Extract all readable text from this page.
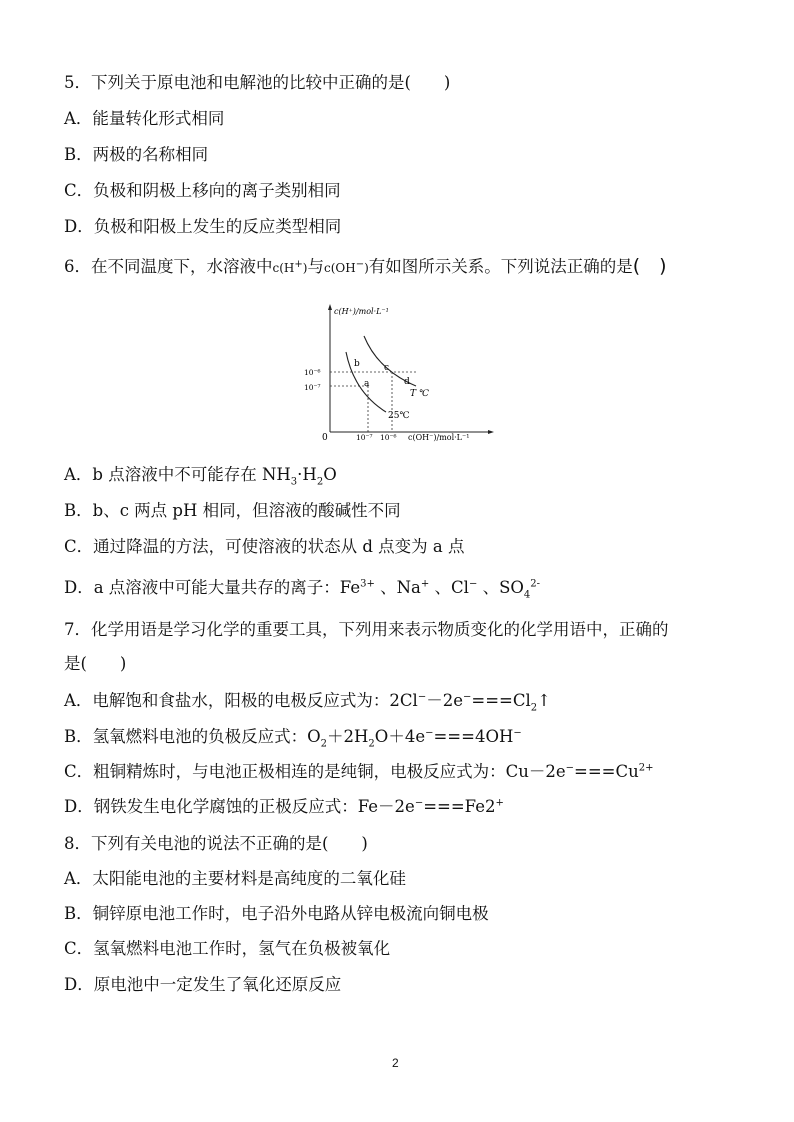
5．下列关于原电池和电解池的比较中正确的是(　　)
A．能量转化形式相同
B．两极的名称相同
C．负极和阴极上移向的离子类别相同
D．负极和阳极上发生的反应类型相同
6．在不同温度下，水溶液中c(H+)与c(OH−)有如图所示关系。下列说法正确的是(　)
c(H⁺)/mol·L⁻¹
c(OH⁻)/mol·L⁻¹
0
10⁻⁶
10⁻⁷
10⁻⁷ 10⁻⁶
b
a
c
d
T ℃
25℃
A．b 点溶液中不可能存在 $NH_3\cdot H_2O$
B．b、c 两点 pH 相同，但溶液的酸碱性不同
C．通过降温的方法，可使溶液的状态从 d 点变为 a 点
D．a 点溶液中可能大量共存的离子：$Fe^{3+}$ 、Na+ 、Cl− 、$SO_4^{2-}$
7．化学用语是学习化学的重要工具，下列用来表示物质变化的化学用语中，正确的
是(　　)
A．电解饱和食盐水，阳极的电极反应式为：$2Cl^--2e^-===Cl_2↑$
B．氢氧燃料电池的负极反应式：$O_2+2H_2O+4e^-===4OH^-$
C．粗铜精炼时，与电池正极相连的是纯铜，电极反应式为：$Cu-2e^-===Cu^{2+}$
D．钢铁发生电化学腐蚀的正极反应式：Fe－2e−===Fe2+
8．下列有关电池的说法不正确的是(　　)
A．太阳能电池的主要材料是高纯度的二氧化硅
B．铜锌原电池工作时，电子沿外电路从锌电极流向铜电极
C．氢氧燃料电池工作时，氢气在负极被氧化
D．原电池中一定发生了氧化还原反应
2
